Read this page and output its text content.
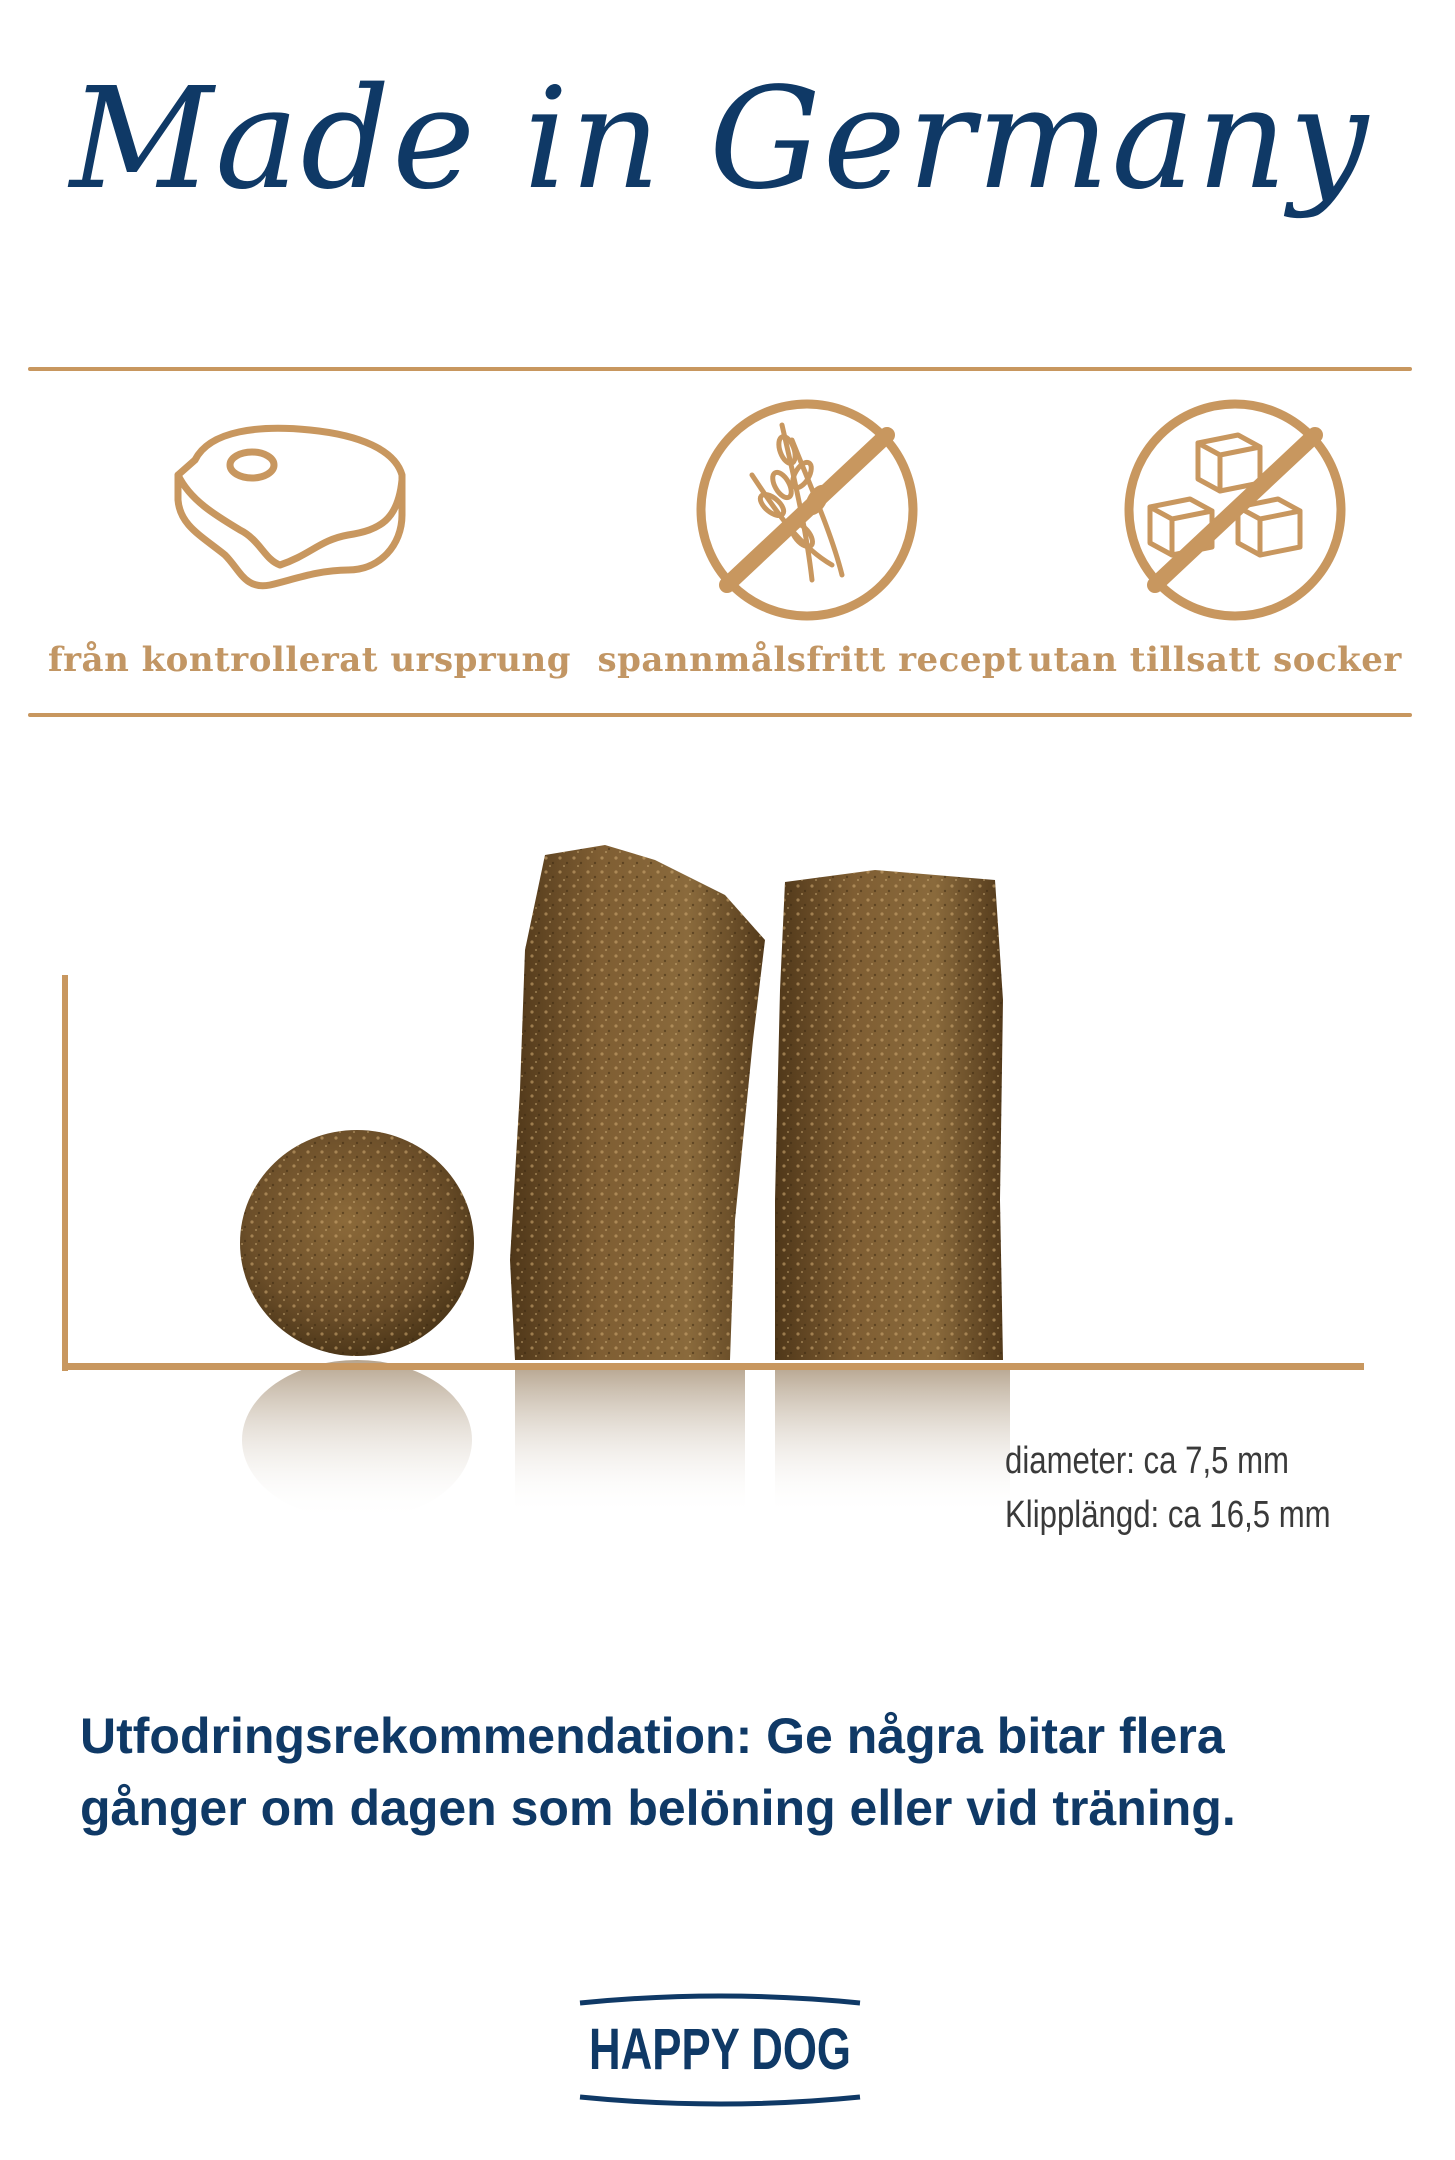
Made in Germany
från kontrollerat ursprung spannmålsfritt recept utan tillsatt socker
diameter: ca 7,5 mm
Klipplängd: ca 16,5 mm
Utfodringsrekommendation: Ge några bitar flera gånger om dagen som belöning eller vid träning.
HAPPY DOG
